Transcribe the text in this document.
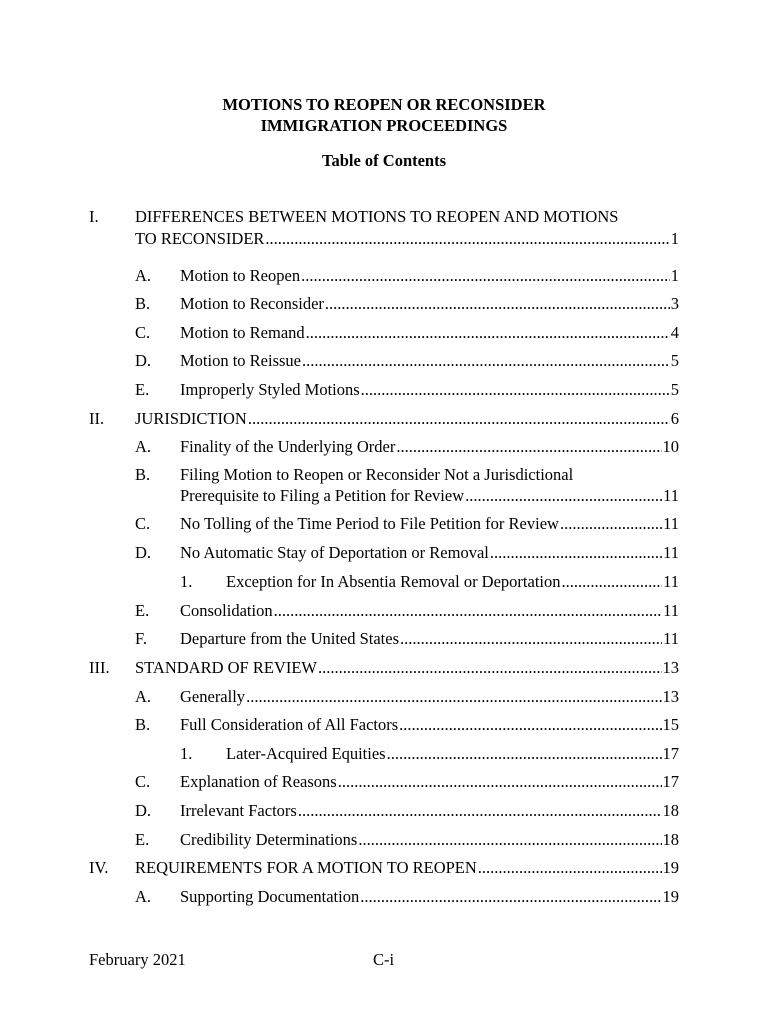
MOTIONS TO REOPEN OR RECONSIDER
IMMIGRATION PROCEEDINGS
Table of Contents
I. DIFFERENCES BETWEEN MOTIONS TO REOPEN AND MOTIONS
TO RECONSIDER .....	1
A. Motion to Reopen .....	1
B. Motion to Reconsider .....	3
C. Motion to Remand .....	4
D. Motion to Reissue .....	5
E. Improperly Styled Motions .....	5
II. JURISDICTION .....	6
A. Finality of the Underlying Order .....	10
B. Filing Motion to Reopen or Reconsider Not a Jurisdictional
Prerequisite to Filing a Petition for Review .....	11
C. No Tolling of the Time Period to File Petition for Review .....	11
D. No Automatic Stay of Deportation or Removal .....	11
1. Exception for In Absentia Removal or Deportation .....	11
E. Consolidation .....	11
F. Departure from the United States .....	11
III. STANDARD OF REVIEW .....	13
A. Generally .....	13
B. Full Consideration of All Factors .....	15
1. Later-Acquired Equities .....	17
C. Explanation of Reasons .....	17
D. Irrelevant Factors .....	18
E. Credibility Determinations .....	18
IV. REQUIREMENTS FOR A MOTION TO REOPEN .....	19
A. Supporting Documentation .....	19
February 2021	C-i
